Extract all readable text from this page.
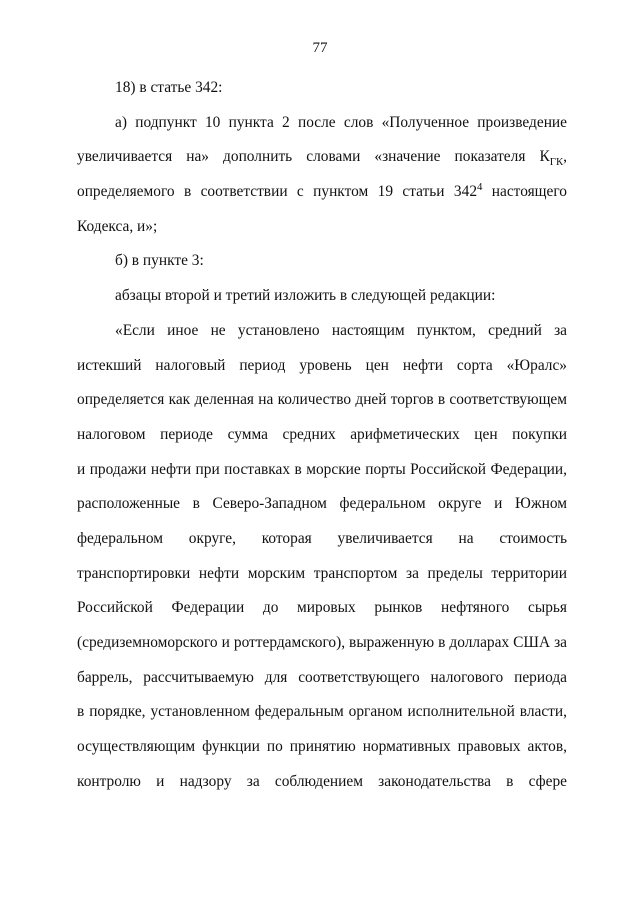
77
18) в статье 342:
а) подпункт 10 пункта 2 после слов «Полученное произведение
увеличивается на» дополнить словами «значение показателя $К_{ГК}$,
определяемого в соответствии с пунктом 19 статьи $342^4$ настоящего
Кодекса, и»;
б) в пункте 3:
абзацы второй и третий изложить в следующей редакции:
«Если иное не установлено настоящим пунктом, средний за
истекший налоговый период уровень цен нефти сорта «Юралс»
определяется как деленная на количество дней торгов в соответствующем
налоговом периоде сумма средних арифметических цен покупки
и продажи нефти при поставках в морские порты Российской Федерации,
расположенные в Северо-Западном федеральном округе и Южном
федеральном округе, которая увеличивается на стоимость
транспортировки нефти морским транспортом за пределы территории
Российской Федерации до мировых рынков нефтяного сырья
(средиземноморского и роттердамского), выраженную в долларах США за
баррель, рассчитываемую для соответствующего налогового периода
в порядке, установленном федеральным органом исполнительной власти,
осуществляющим функции по принятию нормативных правовых актов,
контролю и надзору за соблюдением законодательства в сфере
